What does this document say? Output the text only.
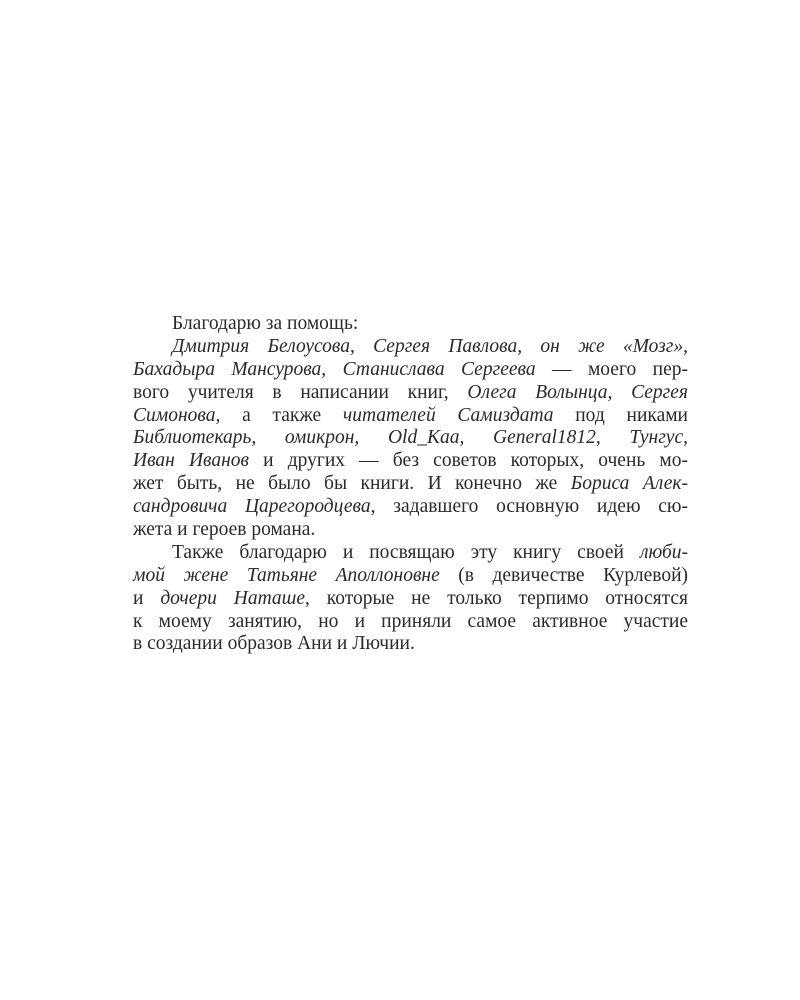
Благодарю за помощь:
Дмитрия Белоусова, Сергея Павлова, он же «Мозг»,
Бахадыра Мансурова, Станислава Сергеева — моего пер-
вого учителя в написании книг, Олега Волынца, Сергея
Симонова, а также читателей Самиздата под никами
Библиотекарь, омикрон, Old_Kaa, General1812, Тунгус,
Иван Иванов и других — без советов которых, очень мо-
жет быть, не было бы книги. И конечно же Бориса Алек-
сандровича Царегородцева, задавшего основную идею сю-
жета и героев романа.
Также благодарю и посвящаю эту книгу своей люби-
мой жене Татьяне Аполлоновне (в девичестве Курлевой)
и дочери Наташе, которые не только терпимо относятся
к моему занятию, но и приняли самое активное участие
в создании образов Ани и Лючии.
